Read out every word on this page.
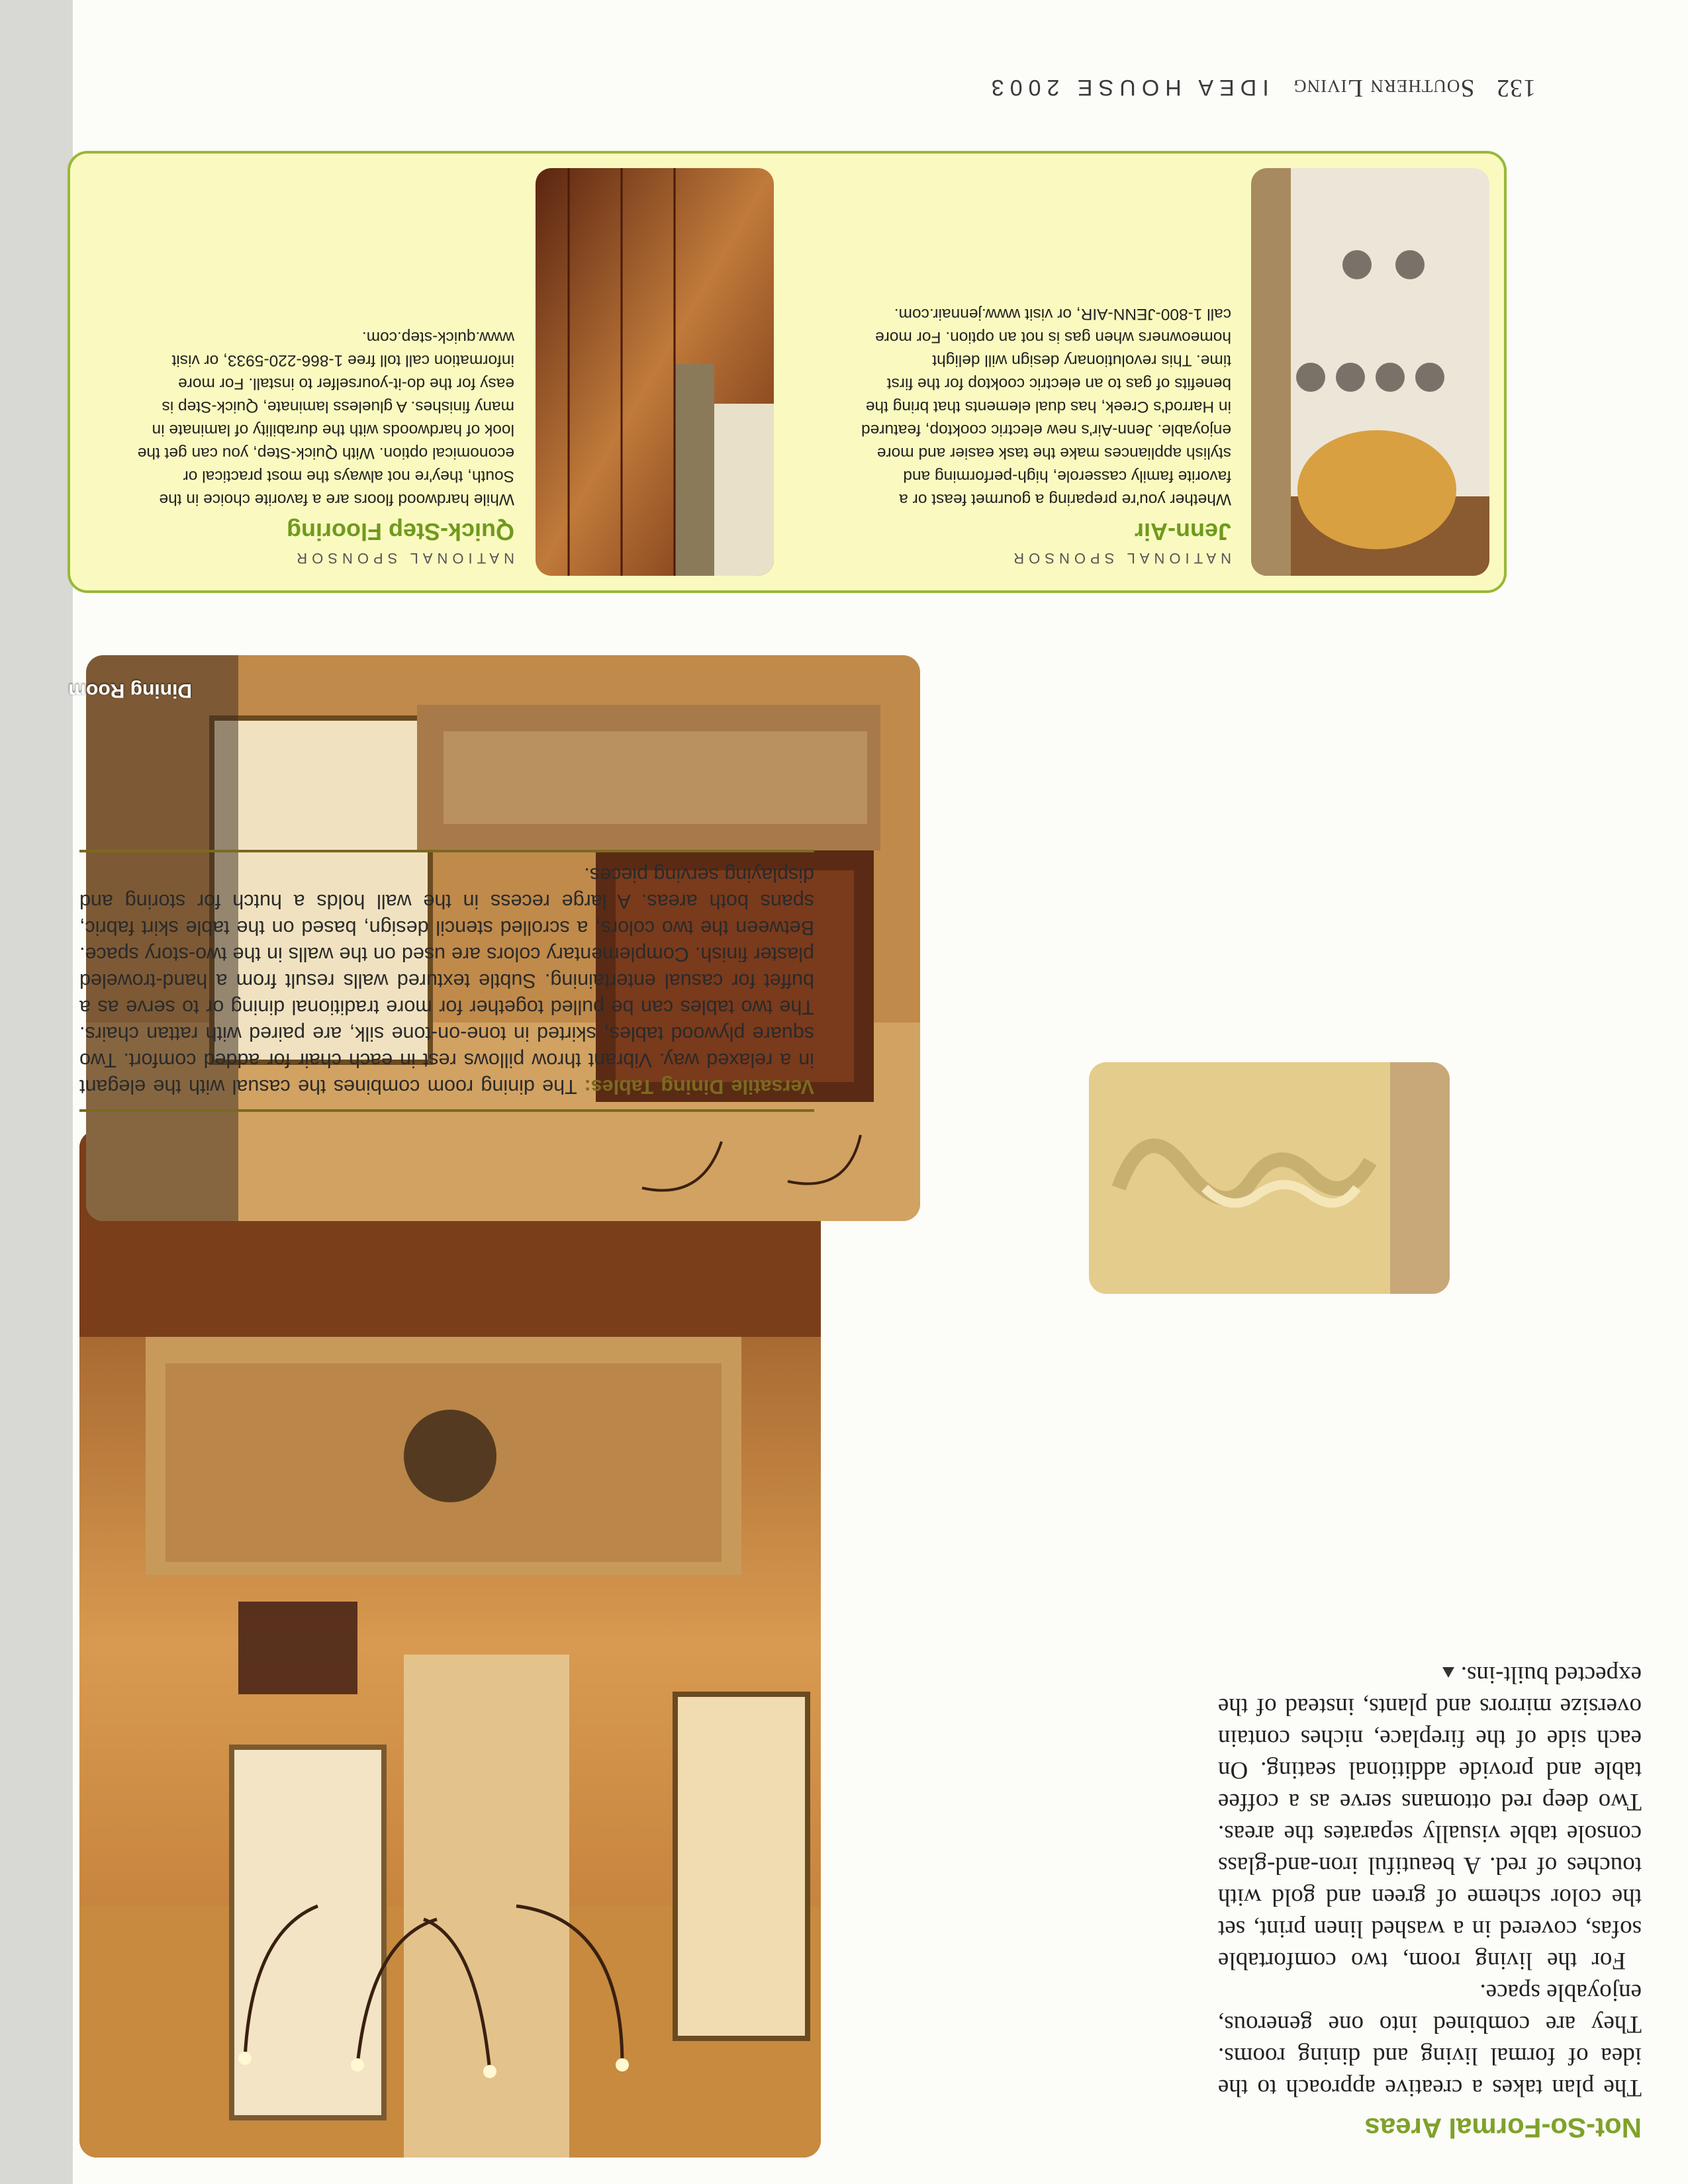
132 Southern Living IDEA HOUSE 2003
Dining Room
Not-So-Formal Areas

The plan takes a creative approach to the idea of formal living and dining rooms. They are combined into one generous, enjoyable space.

For the living room, two comfortable sofas, covered in a washed linen print, set the color scheme of green and gold with touches of red. A beautiful iron-and-glass console table visually separates the areas. Two deep red ottomans serve as a coffee table and provide additional seating. On each side of the fireplace, niches contain oversize mirrors and plants, instead of the expected built-ins.

Versatile Dining Tables: The dining room combines the casual with the elegant in a relaxed way. Vibrant throw pillows rest in each chair for added comfort. Two square plywood tables, skirted in tone-on-tone silk, are paired with rattan chairs. The two tables can be pulled together for more traditional dining or to serve as a buffet for casual entertaining. Subtle textured walls result from a hand-troweled plaster finish. Complementary colors are used on the walls in the two-story space. Between the two colors, a scrolled stencil design, based on the table skirt fabric, spans both areas. A large recess in the wall holds a hutch for storing and displaying serving pieces.

NATIONAL SPONSOR
Jenn-Air

Whether you're preparing a gourmet feast or a favorite family casserole, high-performing and stylish appliances make the task easier and more enjoyable. Jenn-Air's new electric cooktop, featured in Harrod's Creek, has dual elements that bring the benefits of gas to an electric cooktop for the first time. This revolutionary design will delight homeowners when gas is not an option. For more call 1-800-JENN-AIR, or visit www.jennair.com.

NATIONAL SPONSOR
Quick-Step Flooring

While hardwood floors are a favorite choice in the South, they're not always the most practical or economical option. With Quick-Step, you can get the look of hardwoods with the durability of laminate in many finishes. A glueless laminate, Quick-Step is easy for the do-it-yourselfer to install. For more information call toll free 1-866-220-5933, or visit www.quick-step.com.
